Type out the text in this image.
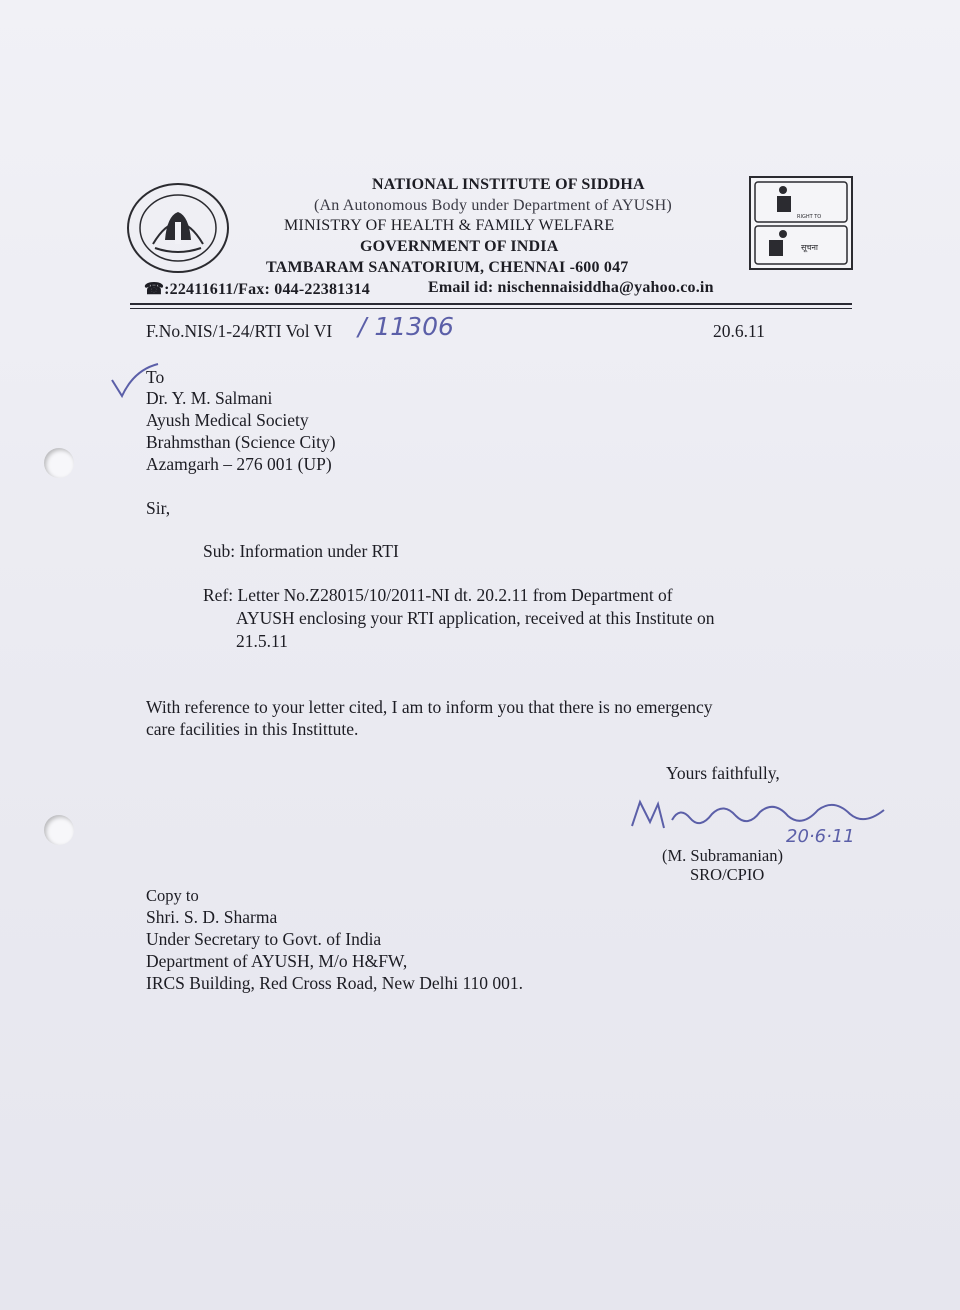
RIGHT TO
सूचना
NATIONAL INSTITUTE OF SIDDHA
(An Autonomous Body under Department of AYUSH)
MINISTRY OF HEALTH & FAMILY WELFARE
GOVERNMENT OF INDIA
TAMBARAM SANATORIUM, CHENNAI -600 047
☎:22411611/Fax: 044-22381314	Email id: nischennaisiddha@yahoo.co.in
F.No.NIS/1-24/RTI Vol VI / 11306	20.6.11
To
Dr. Y. M. Salmani
Ayush Medical Society
Brahmsthan (Science City)
Azamgarh – 276 001 (UP)
Sir,
Sub: Information under RTI
Ref: Letter No.Z28015/10/2011-NI dt. 20.2.11 from Department of
AYUSH enclosing your RTI application, received at this Institute on
21.5.11
With reference to your letter cited, I am to inform you that there is no emergency
care facilities in this Instittute.
Yours faithfully,
20·6·11
(M. Subramanian)
SRO/CPIO
Copy to
Shri. S. D. Sharma
Under Secretary to Govt. of India
Department of AYUSH, M/o H&FW,
IRCS Building, Red Cross Road, New Delhi 110 001.
